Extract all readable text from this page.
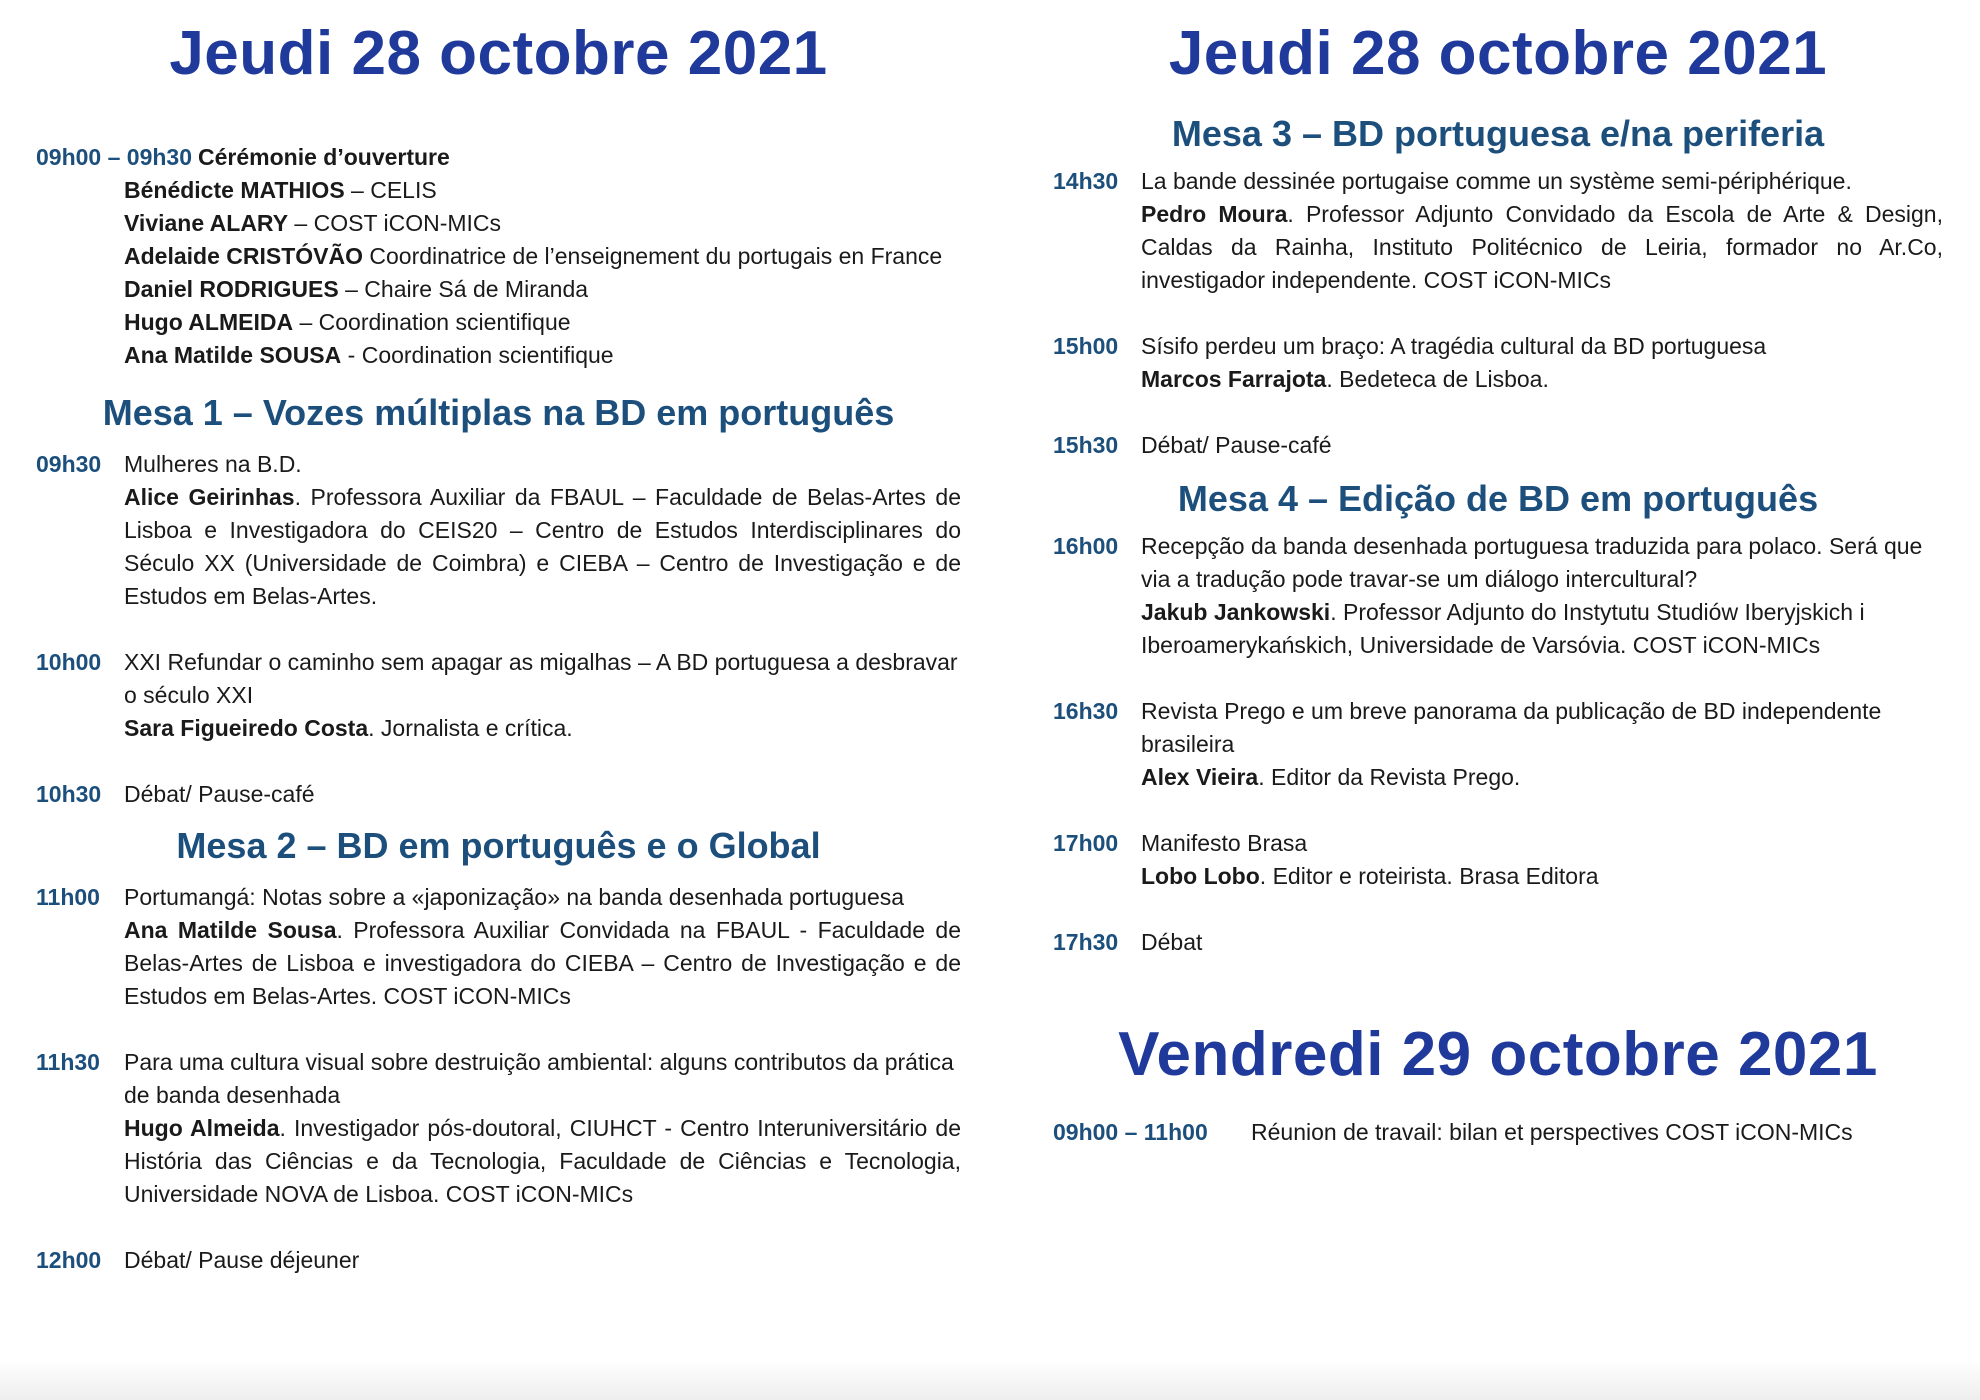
Jeudi 28 octobre 2021
09h00 – 09h30 Cérémonie d’ouverture
Bénédicte MATHIOS – CELIS
Viviane ALARY – COST iCON-MICs
Adelaide CRISTÓVÃO Coordinatrice de l’enseignement du portugais en France
Daniel RODRIGUES – Chaire Sá de Miranda
Hugo ALMEIDA – Coordination scientifique
Ana Matilde SOUSA - Coordination scientifique
Mesa 1 – Vozes múltiplas na BD em português
09h30 Mulheres na B.D.
Alice Geirinhas. Professora Auxiliar da FBAUL – Faculdade de Belas-Artes de Lisboa e Investigadora do CEIS20 – Centro de Estudos Interdisciplinares do Século XX (Universidade de Coimbra) e CIEBA – Centro de Investigação e de Estudos em Belas-Artes.
10h00 XXI Refundar o caminho sem apagar as migalhas – A BD portuguesa a desbravar o século XXI
Sara Figueiredo Costa. Jornalista e crítica.
10h30 Débat/ Pause-café
Mesa 2 – BD em português e o Global
11h00	Portumangá: Notas sobre a «japonização» na banda desenhada portuguesa
Ana Matilde Sousa. Professora Auxiliar Convidada na FBAUL - Faculdade de Belas-Artes de Lisboa e investigadora do CIEBA – Centro de Investigação e de Estudos em Belas-Artes. COST iCON-MICs
11h30	Para uma cultura visual sobre destruição ambiental: alguns contributos da prática de banda desenhada
Hugo Almeida. Investigador pós-doutoral, CIUHCT - Centro Interuniversitário de História das Ciências e da Tecnologia, Faculdade de Ciências e Tecnologia, Universidade NOVA de Lisboa. COST iCON-MICs
12h00 Débat/ Pause déjeuner
Jeudi 28 octobre 2021
Mesa 3 – BD portuguesa e/na periferia
14h30 La bande dessinée portugaise comme un système semi-périphérique.
Pedro Moura. Professor Adjunto Convidado da Escola de Arte & Design, Caldas da Rainha, Instituto Politécnico de Leiria, formador no Ar.Co, investigador independente. COST iCON-MICs
15h00 Sísifo perdeu um braço: A tragédia cultural da BD portuguesa
Marcos Farrajota. Bedeteca de Lisboa.
15h30 Débat/ Pause-café
Mesa 4 – Edição de BD em português
16h00 Recepção da banda desenhada portuguesa traduzida para polaco. Será que via a tradução pode travar-se um diálogo intercultural?
Jakub Jankowski. Professor Adjunto do Instytutu Studiów Iberyjskich i Iberoamerykańskich, Universidade de Varsóvia. COST iCON-MICs
16h30 Revista Prego e um breve panorama da publicação de BD independente brasileira
Alex Vieira. Editor da Revista Prego.
17h00 Manifesto Brasa
Lobo Lobo. Editor e roteirista. Brasa Editora
17h30 Débat
Vendredi 29 octobre 2021
09h00 – 11h00	Réunion de travail: bilan et perspectives COST iCON-MICs
